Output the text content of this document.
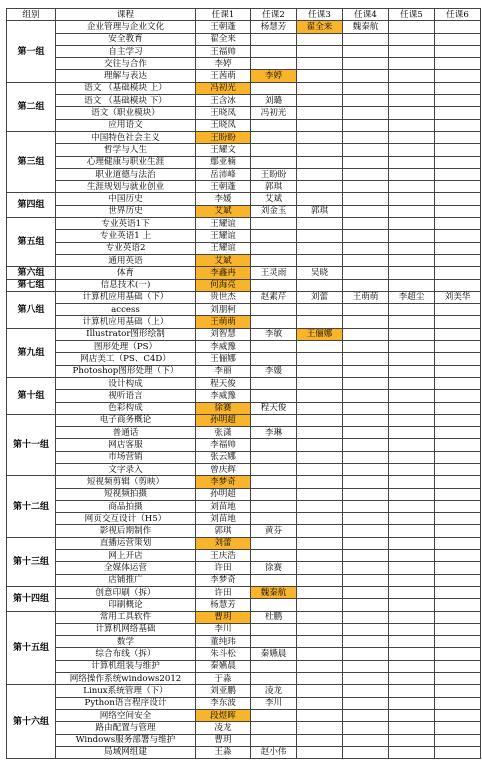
组别	课程	任课1	任课2	任课3	任课4	任课5	任课6
第一组	企业管理与企业文化	王朝蓬	杨慧芳	翟全来	魏秦航		
	安全教育	翟全来					
	自主学习	王福帅					
	交往与合作	李婷					
	理解与表达	王茜萌	李婷				
第二组	语文 （基础模块 上）	冯初光					
	语文 （基础模块 下）	王含冰	刘璐				
	语文（职业模块）	王晓凤	冯初光				
	应用语文	王晓凤					
第三组	中国特色社会主义	王盼盼					
	哲学与人生	王耀文					
	心理健康与职业生涯	鄢亚楠					
	职业道德与法治	岳沛峰	王盼盼				
	生涯规划与就业创业	王朝蓬	郭琪				
第四组	中国历史	李媛	艾斌				
	世界历史	艾斌	刘金玉	郭琪			
第五组	专业英语1下	王耀谊					
	专业英语1 上	王耀谊					
	专业英语2	王耀谊					
	通用英语	艾斌					
第六组	体育	李鑫冉	王灵雨	吴晓			
第七组	信息技术(一)	何海亮					
第八组	计算机应用基础（下）	贵世杰	赵素芹	刘蕾	王萌萌	李超尘	刘美华
	access	刘朋柯					
	计算机应用基础（上）	王萌萌					
第九组	Illustrator图形绘制	刘智慧	李敏	王俪娜			
	图形处理（PS）	李威豫					
	网店美工（PS、C4D）	王俪娜					
	Photoshop图形处理（下）	李丽	李媛				
第十组	设计构成	程天俊					
	视听语言	李威豫					
	色彩构成	徐赛	程天俊				
第十一组	电子商务概论	孙明超					
	普通话	张潇	李琳				
	网店客服	李福帅					
	市场营销	张云娜					
	文字录入	曾庆辉					
第十二组	短视频剪辑（剪映）	李梦奇					
	短视频拍摄	孙明超					
	商品拍摄	刘苗地					
	网页交互设计（H5）	刘苗地					
	影视后期制作	郭琪	黄芬				
第十三组	直播运营策划	刘蕾					
	网上开店	王庆浩					
	全媒体运营	许田	徐赛				
	店铺推广	李梦奇					
第十四组	创意印刷（拆）	许田	魏秦航				
	印刷概论	杨慧芳					
第十五组	常用工具软件	曹玥	杜鹏				
	计算机网络基础	李川					
	数学	董纯玮					
	综合布线（拆）	朱斗松	秦嬿晨				
	计算机组装与维护	秦嬿晨					
	网络操作系统windows2012	于淼					
第十六组	Linux系统管理（下）	刘亚鹏	凌龙				
	Python语言程序设计	李东波	李川				
	网络空间安全	段煜晖					
	路由配置与管理	凌龙					
	Windows服务部署与维护	曹玥					
	局域网组建	王淼	赵小伟				
